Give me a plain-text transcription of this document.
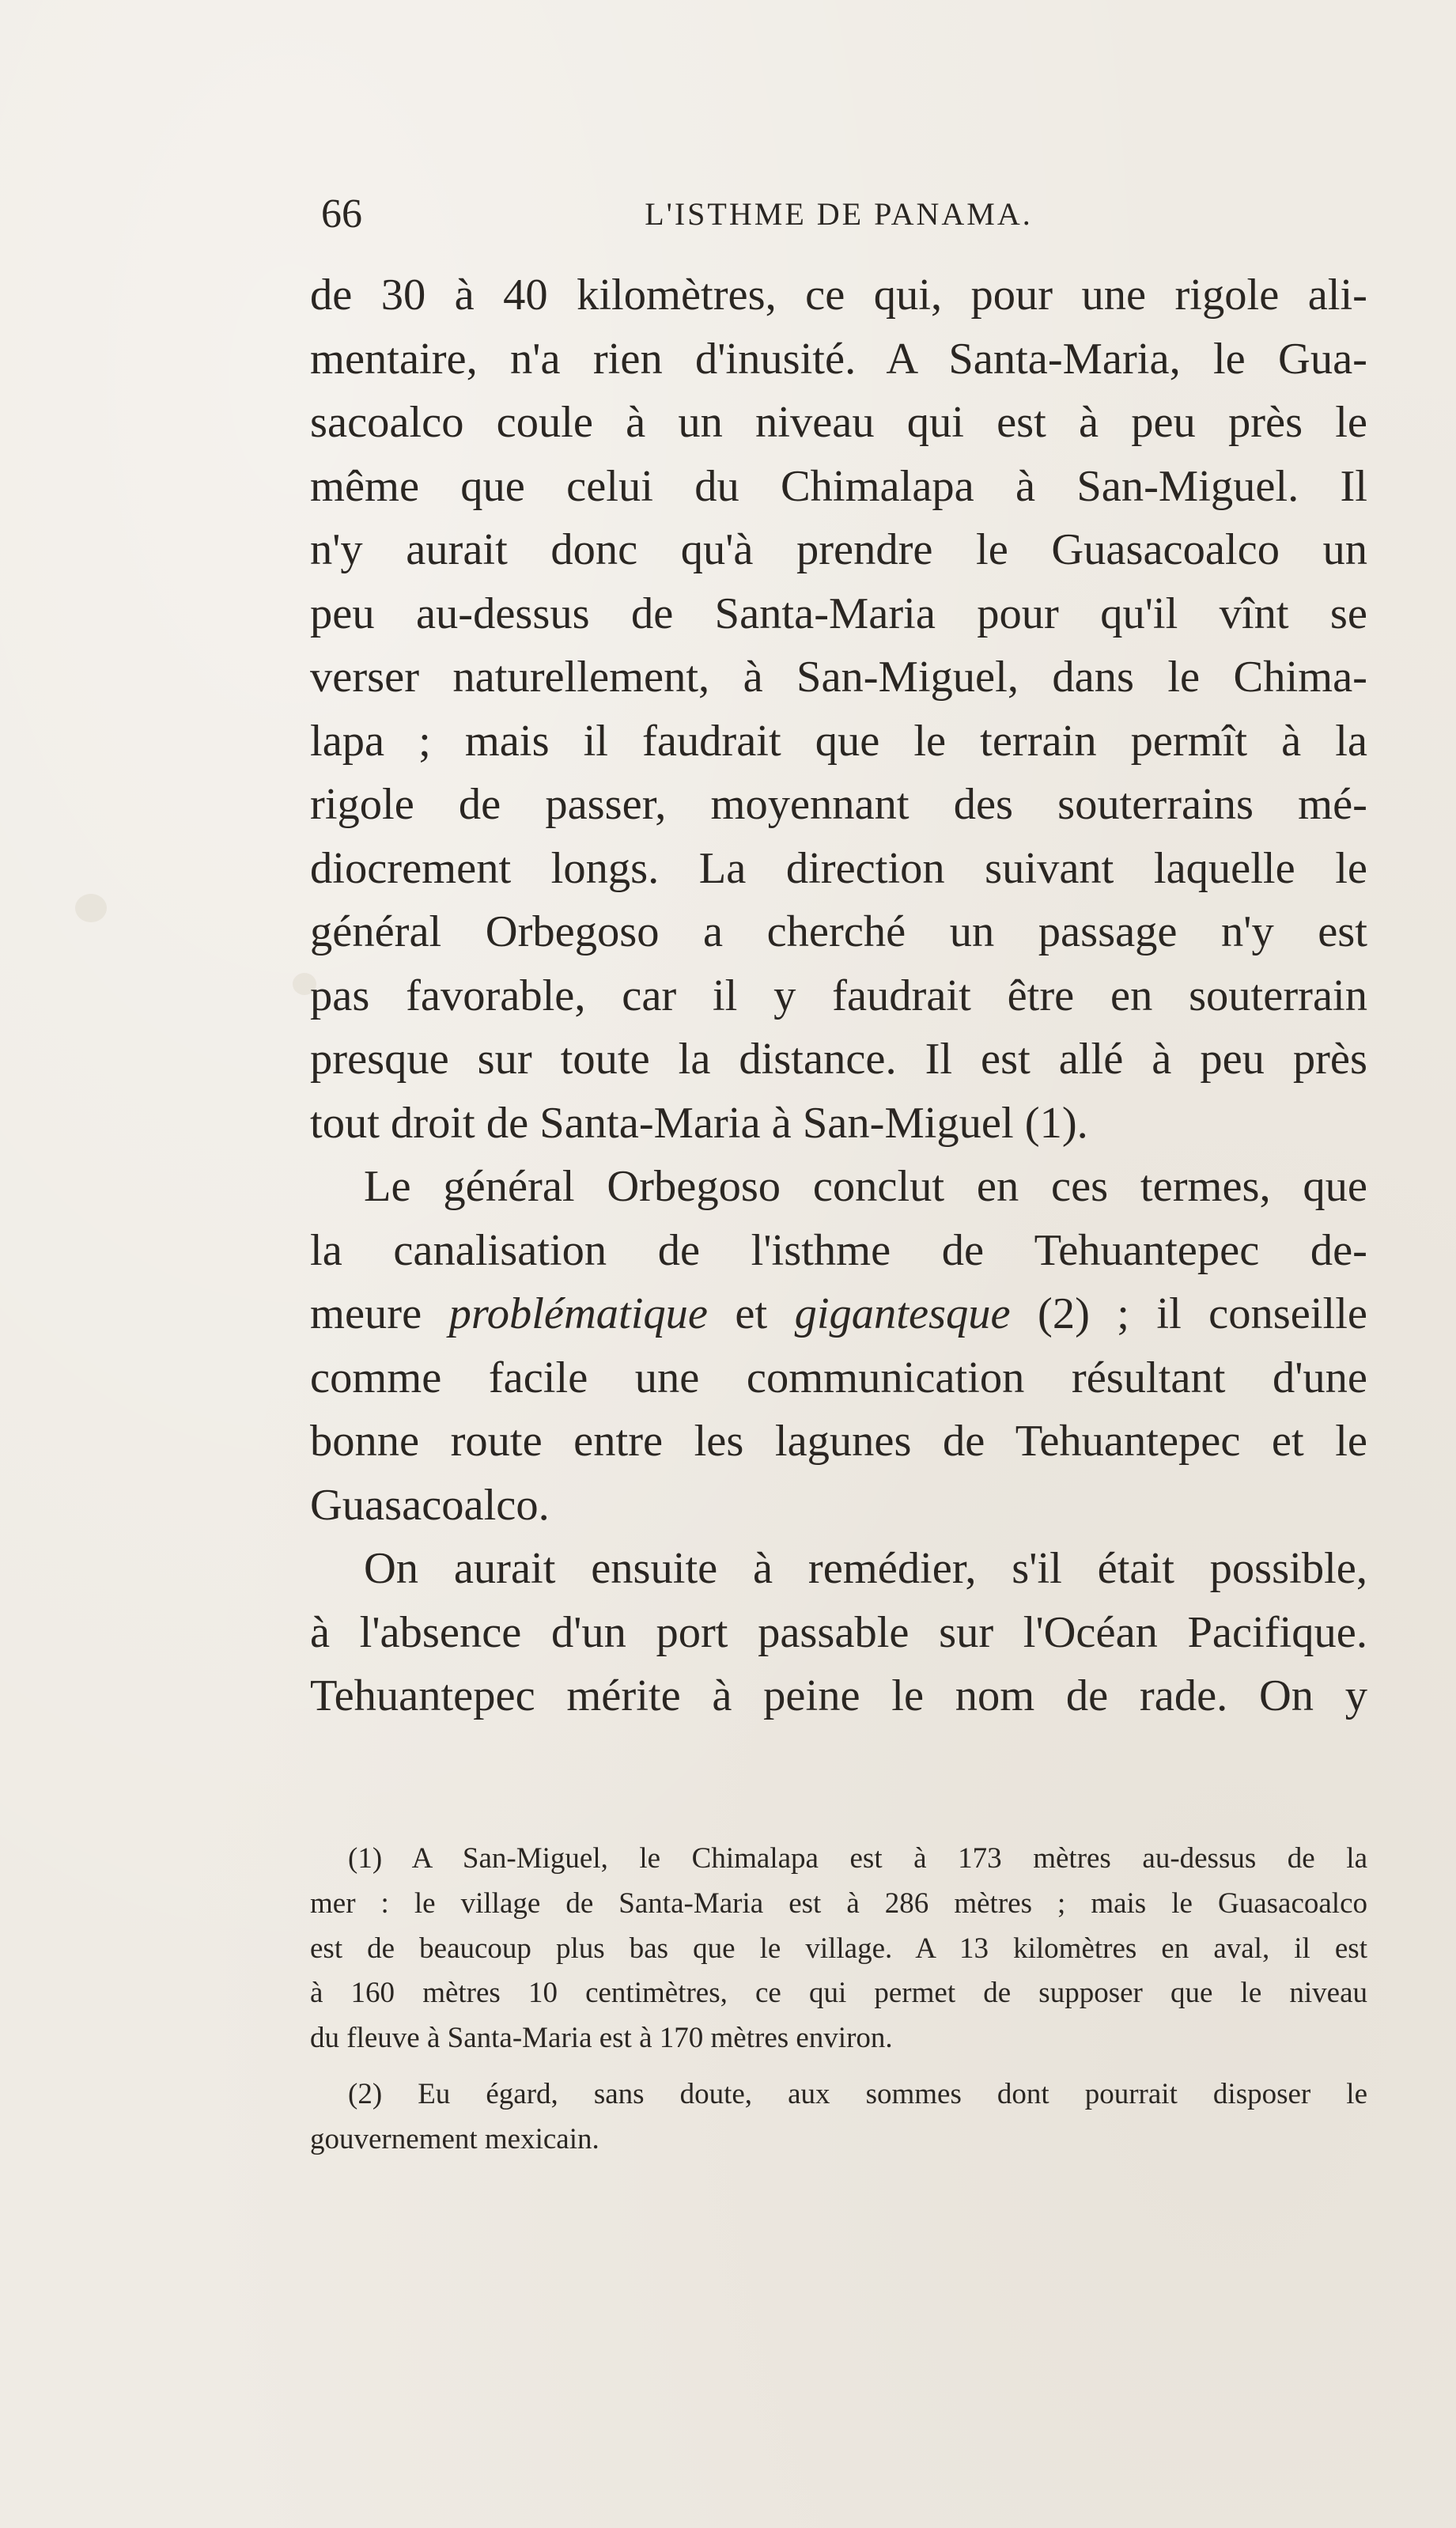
66	L'ISTHME DE PANAMA.

de 30 à 40 kilomètres, ce qui, pour une rigole ali-
mentaire, n'a rien d'inusité. A Santa-Maria, le Gua-
sacoalco coule à un niveau qui est à peu près le
même que celui du Chimalapa à San-Miguel. Il
n'y aurait donc qu'à prendre le Guasacoalco un
peu au-dessus de Santa-Maria pour qu'il vînt se
verser naturellement, à San-Miguel, dans le Chima-
lapa ; mais il faudrait que le terrain permît à la
rigole de passer, moyennant des souterrains mé-
diocrement longs. La direction suivant laquelle le
général Orbegoso a cherché un passage n'y est
pas favorable, car il y faudrait être en souterrain
presque sur toute la distance. Il est allé à peu près
tout droit de Santa-Maria à San-Miguel (1).

Le général Orbegoso conclut en ces termes, que
la canalisation de l'isthme de Tehuantepec de-
meure problématique et gigantesque (2) ; il conseille
comme facile une communication résultant d'une
bonne route entre les lagunes de Tehuantepec et le
Guasacoalco.

On aurait ensuite à remédier, s'il était possible,
à l'absence d'un port passable sur l'Océan Pacifique.
Tehuantepec mérite à peine le nom de rade. On y

(1) A San-Miguel, le Chimalapa est à 173 mètres au-dessus de la
mer : le village de Santa-Maria est à 286 mètres ; mais le Guasacoalco
est de beaucoup plus bas que le village. A 13 kilomètres en aval, il est
à 160 mètres 10 centimètres, ce qui permet de supposer que le niveau
du fleuve à Santa-Maria est à 170 mètres environ.
(2) Eu égard, sans doute, aux sommes dont pourrait disposer le
gouvernement mexicain.
